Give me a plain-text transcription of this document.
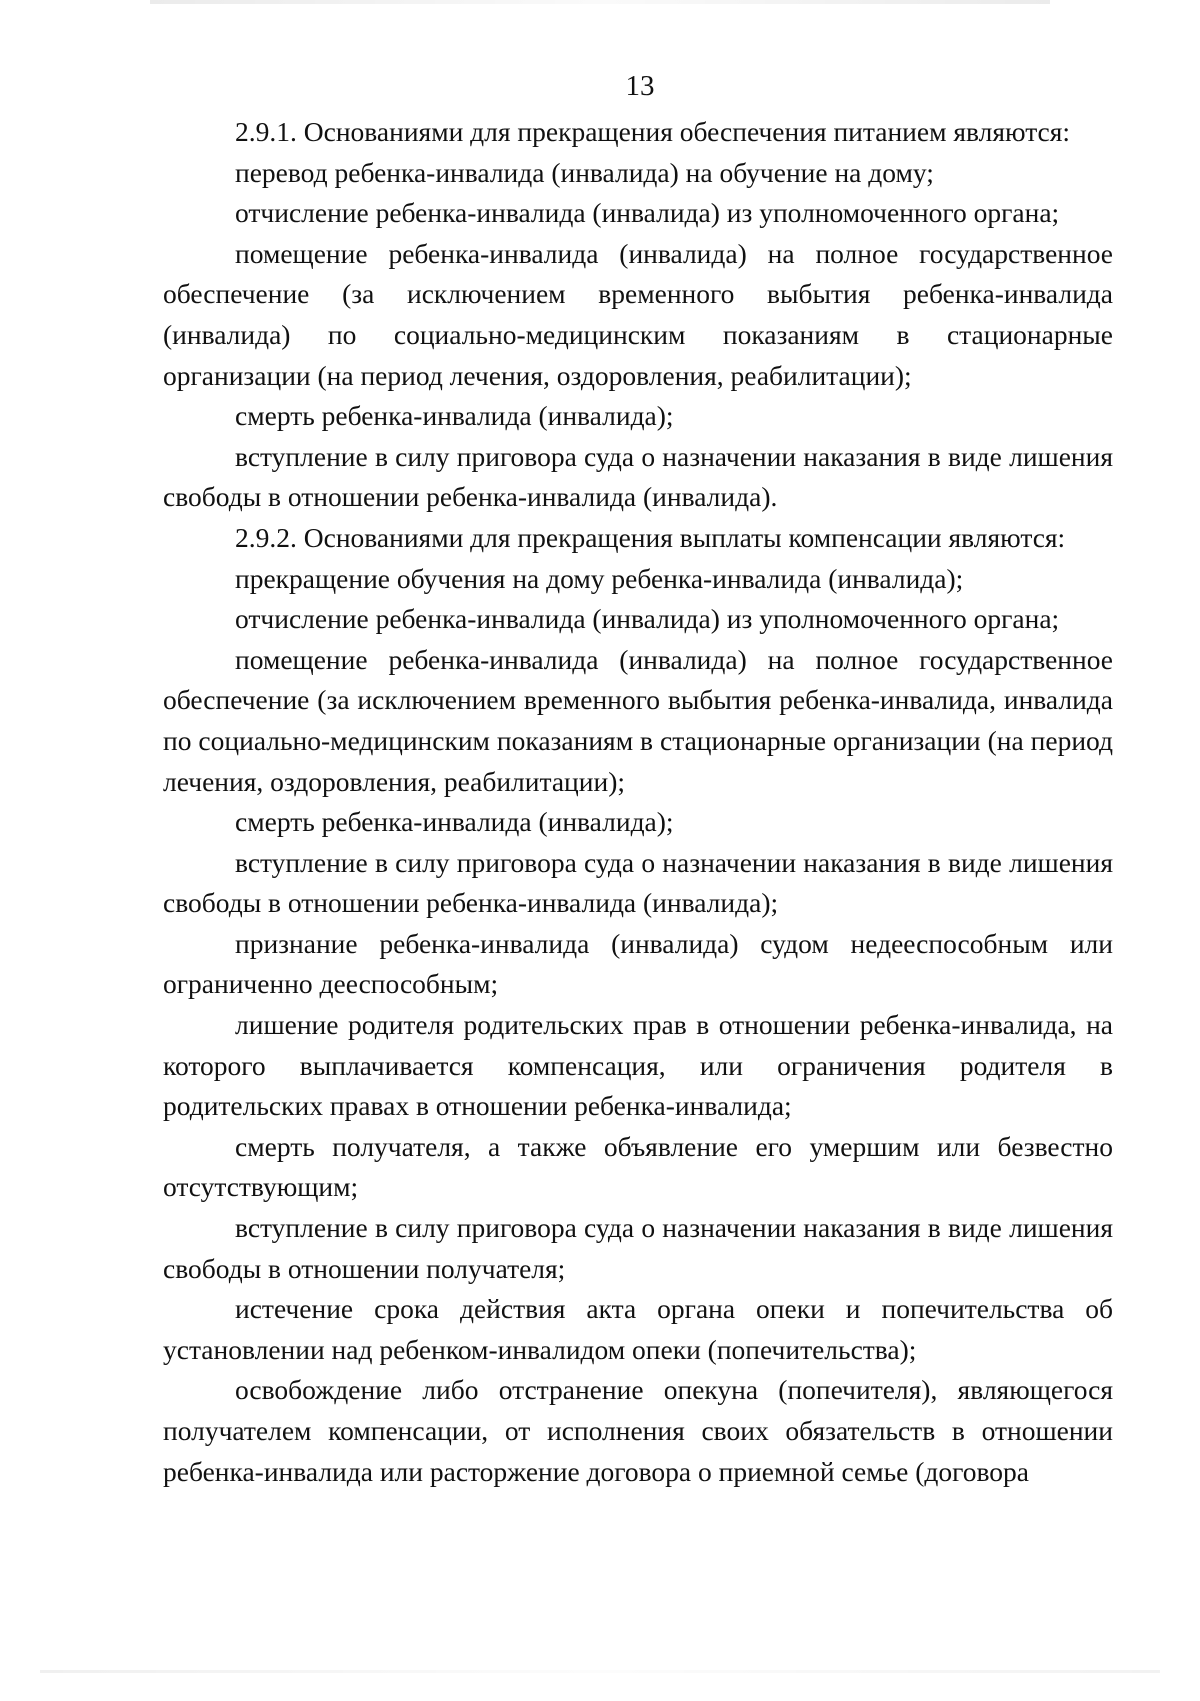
13

2.9.1. Основаниями для прекращения обеспечения питанием являются:

перевод ребенка-инвалида (инвалида) на обучение на дому;

отчисление ребенка-инвалида (инвалида) из уполномоченного органа;

помещение ребенка-инвалида (инвалида) на полное государственное обеспечение (за исключением временного выбытия ребенка-инвалида (инвалида) по социально-медицинским показаниям в стационарные организации (на период лечения, оздоровления, реабилитации);

смерть ребенка-инвалида (инвалида);

вступление в силу приговора суда о назначении наказания в виде лишения свободы в отношении ребенка-инвалида (инвалида).

2.9.2. Основаниями для прекращения выплаты компенсации являются:

прекращение обучения на дому ребенка-инвалида (инвалида);

отчисление ребенка-инвалида (инвалида) из уполномоченного органа;

помещение ребенка-инвалида (инвалида) на полное государственное обеспечение (за исключением временного выбытия ребенка-инвалида, инвалида по социально-медицинским показаниям в стационарные организации (на период лечения, оздоровления, реабилитации);

смерть ребенка-инвалида (инвалида);

вступление в силу приговора суда о назначении наказания в виде лишения свободы в отношении ребенка-инвалида (инвалида);

признание ребенка-инвалида (инвалида) судом недееспособным или ограниченно дееспособным;

лишение родителя родительских прав в отношении ребенка-инвалида, на которого выплачивается компенсация, или ограничения родителя в родительских правах в отношении ребенка-инвалида;

смерть получателя, а также объявление его умершим или безвестно отсутствующим;

вступление в силу приговора суда о назначении наказания в виде лишения свободы в отношении получателя;

истечение срока действия акта органа опеки и попечительства об установлении над ребенком-инвалидом опеки (попечительства);

освобождение либо отстранение опекуна (попечителя), являющегося получателем компенсации, от исполнения своих обязательств в отношении ребенка-инвалида или расторжение договора о приемной семье (договора
